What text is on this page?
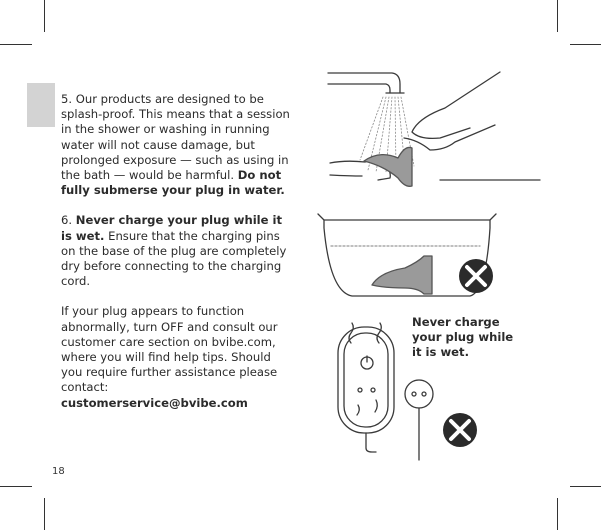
5. Our products are designed to be splash-proof. This means that a session in the shower or washing in running water will not cause damage, but prolonged exposure — such as using in the bath — would be harmful. Do not fully submerse your plug in water.

6. Never charge your plug while it is wet. Ensure that the charging pins on the base of the plug are completely dry before connecting to the charging cord.

If your plug appears to function abnormally, turn OFF and consult our customer care section on bvibe.com, where you will find help tips. Should you require further assistance please contact: customerservice@bvibe.com

18
Never charge your plug while it is wet.
